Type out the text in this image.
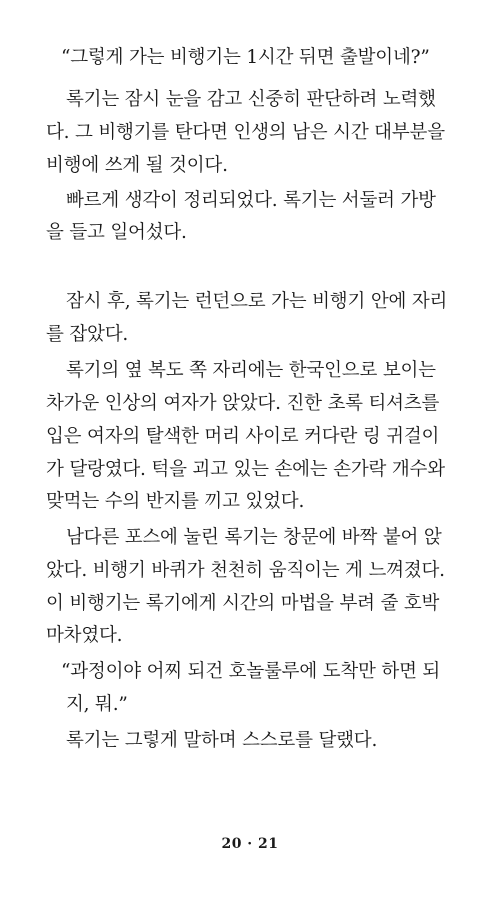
“그렇게 가는 비행기는 1시간 뒤면 출발이네?”
록기는 잠시 눈을 감고 신중히 판단하려 노력했
다. 그 비행기를 탄다면 인생의 남은 시간 대부분을
비행에 쓰게 될 것이다.
빠르게 생각이 정리되었다. 록기는 서둘러 가방
을 들고 일어섰다.
잠시 후, 록기는 런던으로 가는 비행기 안에 자리
를 잡았다.
록기의 옆 복도 쪽 자리에는 한국인으로 보이는
차가운 인상의 여자가 앉았다. 진한 초록 티셔츠를
입은 여자의 탈색한 머리 사이로 커다란 링 귀걸이
가 달랑였다. 턱을 괴고 있는 손에는 손가락 개수와
맞먹는 수의 반지를 끼고 있었다.
남다른 포스에 눌린 록기는 창문에 바짝 붙어 앉
았다. 비행기 바퀴가 천천히 움직이는 게 느껴졌다.
이 비행기는 록기에게 시간의 마법을 부려 줄 호박
마차였다.
“과정이야 어찌 되건 호놀룰루에 도착만 하면 되
지, 뭐.”
록기는 그렇게 말하며 스스로를 달랬다.
20 · 21
